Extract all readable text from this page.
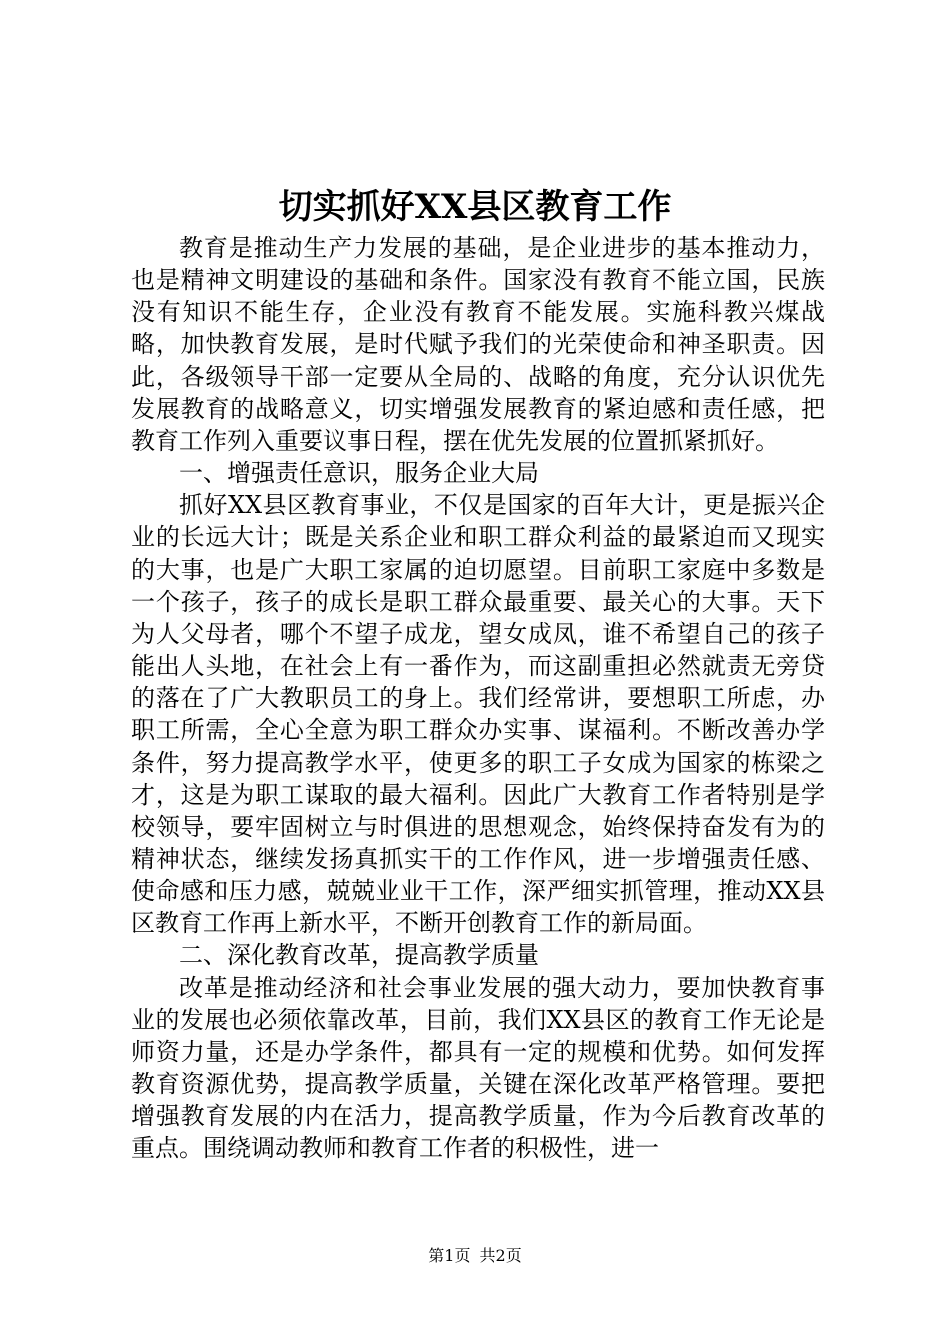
切实抓好XX县区教育工作

教育是推动生产力发展的基础，是企业进步的基本推动力，也是精神文明建设的基础和条件。国家没有教育不能立国，民族没有知识不能生存，企业没有教育不能发展。实施科教兴煤战略，加快教育发展，是时代赋予我们的光荣使命和神圣职责。因此，各级领导干部一定要从全局的、战略的角度，充分认识优先发展教育的战略意义，切实增强发展教育的紧迫感和责任感，把教育工作列入重要议事日程，摆在优先发展的位置抓紧抓好。

一、增强责任意识，服务企业大局

抓好XX县区教育事业，不仅是国家的百年大计，更是振兴企业的长远大计；既是关系企业和职工群众利益的最紧迫而又现实的大事，也是广大职工家属的迫切愿望。目前职工家庭中多数是一个孩子，孩子的成长是职工群众最重要、最关心的大事。天下为人父母者，哪个不望子成龙，望女成凤，谁不希望自己的孩子能出人头地，在社会上有一番作为，而这副重担必然就责无旁贷的落在了广大教职员工的身上。我们经常讲，要想职工所虑，办职工所需，全心全意为职工群众办实事、谋福利。不断改善办学条件，努力提高教学水平，使更多的职工子女成为国家的栋梁之才，这是为职工谋取的最大福利。因此广大教育工作者特别是学校领导，要牢固树立与时俱进的思想观念，始终保持奋发有为的精神状态，继续发扬真抓实干的工作作风，进一步增强责任感、使命感和压力感，兢兢业业干工作，深严细实抓管理，推动XX县区教育工作再上新水平，不断开创教育工作的新局面。

二、深化教育改革，提高教学质量

改革是推动经济和社会事业发展的强大动力，要加快教育事业的发展也必须依靠改革，目前，我们XX县区的教育工作无论是师资力量，还是办学条件，都具有一定的规模和优势。如何发挥教育资源优势，提高教学质量，关键在深化改革严格管理。要把增强教育发展的内在活力，提高教学质量，作为今后教育改革的重点。围绕调动教师和教育工作者的积极性，进一

第1页 共2页
